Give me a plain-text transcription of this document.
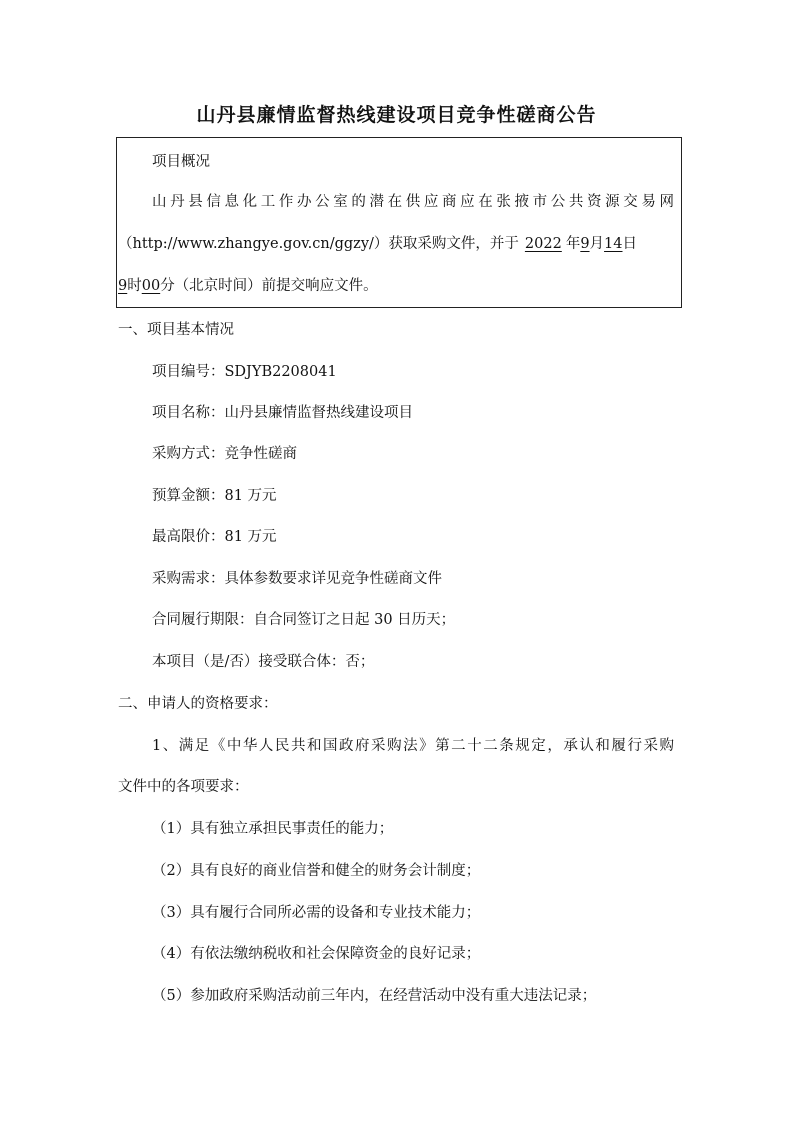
山丹县廉情监督热线建设项目竞争性磋商公告
项目概况
山丹县信息化工作办公室的潜在供应商应在张掖市公共资源交易网
（http://www.zhangye.gov.cn/ggzy/）获取采购文件，并于 2022 年9月14日
9时00分（北京时间）前提交响应文件。
一、项目基本情况
项目编号：SDJYB2208041
项目名称：山丹县廉情监督热线建设项目
采购方式：竞争性磋商
预算金额：81 万元
最高限价：81 万元
采购需求：具体参数要求详见竞争性磋商文件
合同履行期限：自合同签订之日起 30 日历天；
本项目（是/否）接受联合体：否；
二、申请人的资格要求：
1、满足《中华人民共和国政府采购法》第二十二条规定，承认和履行采购
文件中的各项要求：
（1）具有独立承担民事责任的能力；
（2）具有良好的商业信誉和健全的财务会计制度；
（3）具有履行合同所必需的设备和专业技术能力；
（4）有依法缴纳税收和社会保障资金的良好记录；
（5）参加政府采购活动前三年内，在经营活动中没有重大违法记录；
